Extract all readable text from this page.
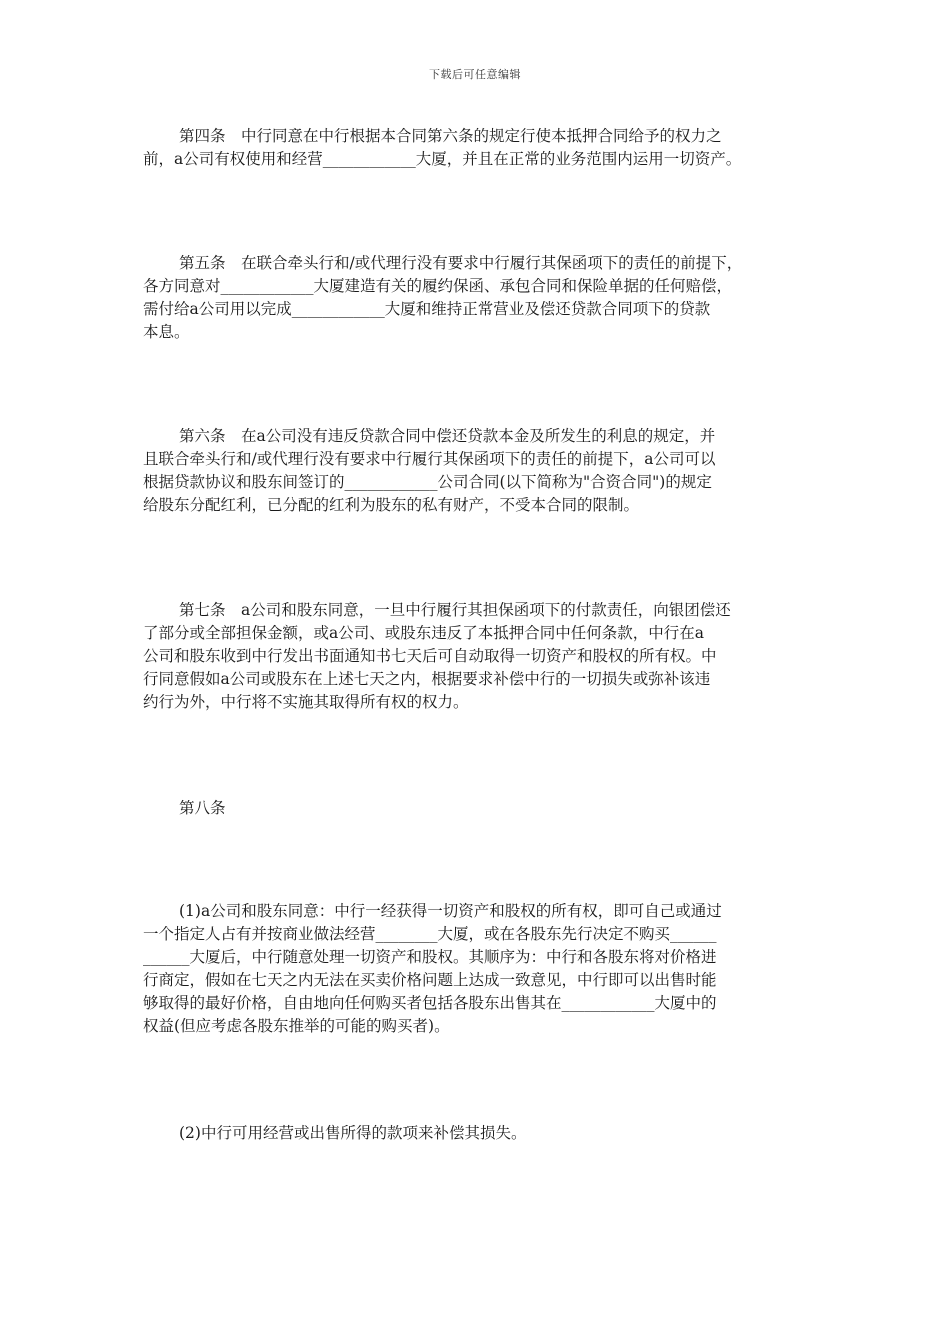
下载后可任意编辑
第四条　中行同意在中行根据本合同第六条的规定行使本抵押合同给予的权力之
前，a公司有权使用和经营____________大厦，并且在正常的业务范围内运用一切资产。
第五条　在联合牵头行和/或代理行没有要求中行履行其保函项下的责任的前提下，
各方同意对____________大厦建造有关的履约保函、承包合同和保险单据的任何赔偿，
需付给a公司用以完成____________大厦和维持正常营业及偿还贷款合同项下的贷款
本息。
第六条　在a公司没有违反贷款合同中偿还贷款本金及所发生的利息的规定，并
且联合牵头行和/或代理行没有要求中行履行其保函项下的责任的前提下，a公司可以
根据贷款协议和股东间签订的____________公司合同(以下简称为"合资合同")的规定
给股东分配红利，已分配的红利为股东的私有财产，不受本合同的限制。
第七条　a公司和股东同意，一旦中行履行其担保函项下的付款责任，向银团偿还
了部分或全部担保金额，或a公司、或股东违反了本抵押合同中任何条款，中行在a
公司和股东收到中行发出书面通知书七天后可自动取得一切资产和股权的所有权。中
行同意假如a公司或股东在上述七天之内，根据要求补偿中行的一切损失或弥补该违
约行为外，中行将不实施其取得所有权的权力。
第八条
(1)a公司和股东同意：中行一经获得一切资产和股权的所有权，即可自己或通过
一个指定人占有并按商业做法经营________大厦，或在各股东先行决定不购买______
______大厦后，中行随意处理一切资产和股权。其顺序为：中行和各股东将对价格进
行商定，假如在七天之内无法在买卖价格问题上达成一致意见，中行即可以出售时能
够取得的最好价格，自由地向任何购买者包括各股东出售其在____________大厦中的
权益(但应考虑各股东推举的可能的购买者)。
(2)中行可用经营或出售所得的款项来补偿其损失。
